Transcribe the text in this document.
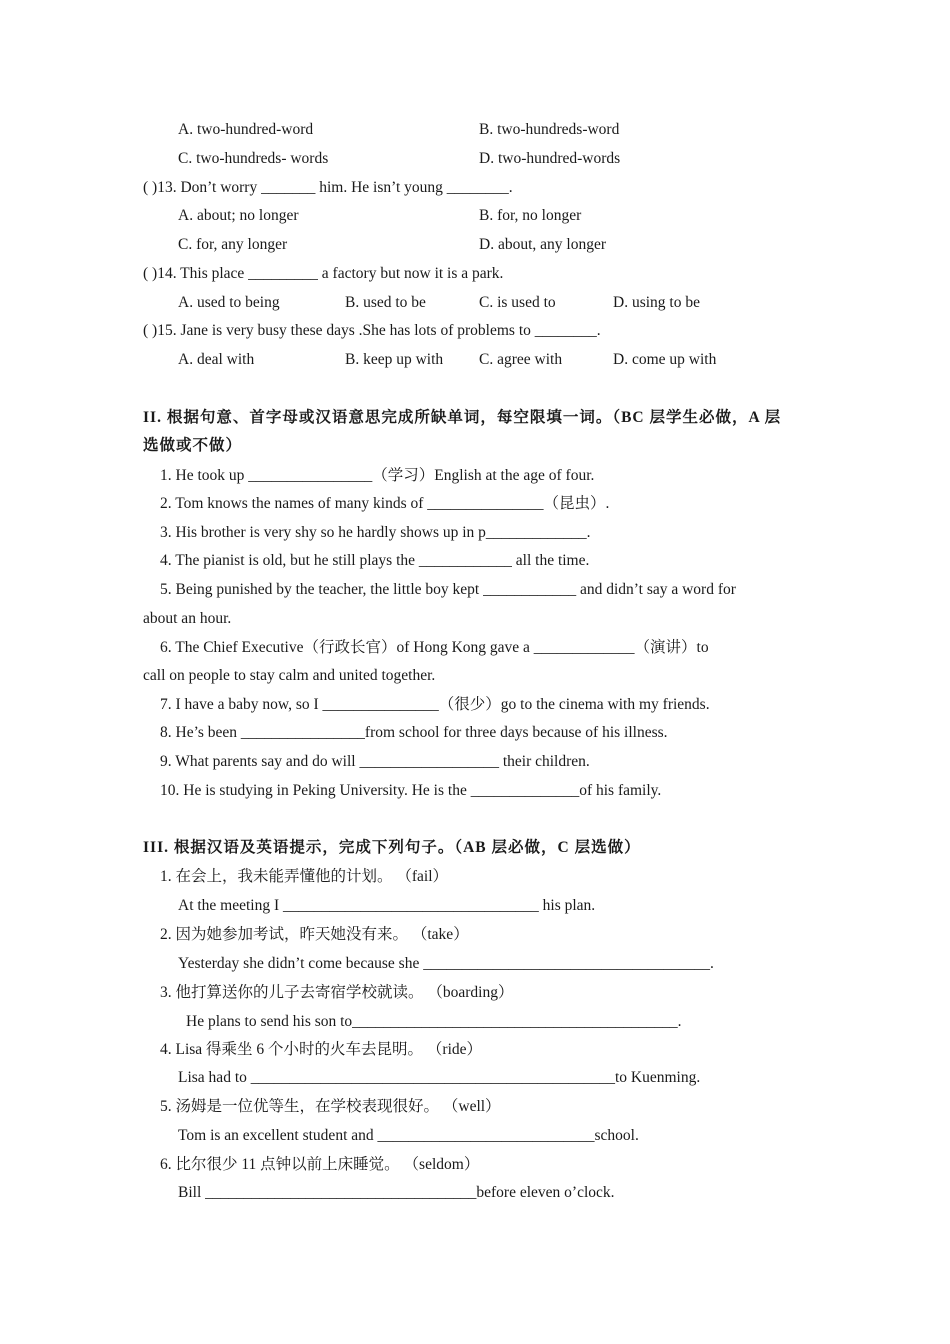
A. two-hundred-word	B. two-hundreds-word
C. two-hundreds- words	D. two-hundred-words
( )13. Don’t worry _______ him. He isn’t young ________.
A. about; no longer	B. for, no longer
C. for, any longer	D. about, any longer
( )14. This place _________ a factory but now it is a park.
A. used to being	B. used to be	C. is used to	D. using to be
( )15. Jane is very busy these days .She has lots of problems to ________.
A. deal with	B. keep up with C. agree with	D. come up with
II. 根据句意、首字母或汉语意思完成所缺单词，每空限填一词。（BC 层学生必做，A 层
选做或不做）
1. He took up ________________（学习）English at the age of four.
2. Tom knows the names of many kinds of _______________（昆虫）.
3. His brother is very shy so he hardly shows up in p_____________.
4. The pianist is old, but he still plays the ____________ all the time.
5. Being punished by the teacher, the little boy kept ____________ and didn’t say a word for
about an hour.
6. The Chief Executive（行政长官）of Hong Kong gave a _____________（演讲）to
call on people to stay calm and united together.
7. I have a baby now, so I _______________（很少）go to the cinema with my friends.
8. He’s been ________________from school for three days because of his illness.
9. What parents say and do will __________________ their children.
10. He is studying in Peking University. He is the ______________of his family.
III. 根据汉语及英语提示，完成下列句子。（AB 层必做，C 层选做）
1. 在会上，我未能弄懂他的计划。 （fail）
At the meeting I _________________________________ his plan.
2. 因为她参加考试，昨天她没有来。 （take）
Yesterday she didn’t come because she _____________________________________.
3. 他打算送你的儿子去寄宿学校就读。 （boarding）
He plans to send his son to__________________________________________.
4. Lisa 得乘坐 6 个小时的火车去昆明。 （ride）
Lisa had to _______________________________________________to Kuenming.
5. 汤姆是一位优等生，在学校表现很好。 （well）
Tom is an excellent student and ____________________________school.
6. 比尔很少 11 点钟以前上床睡觉。 （seldom）
Bill ___________________________________before eleven o’clock.
